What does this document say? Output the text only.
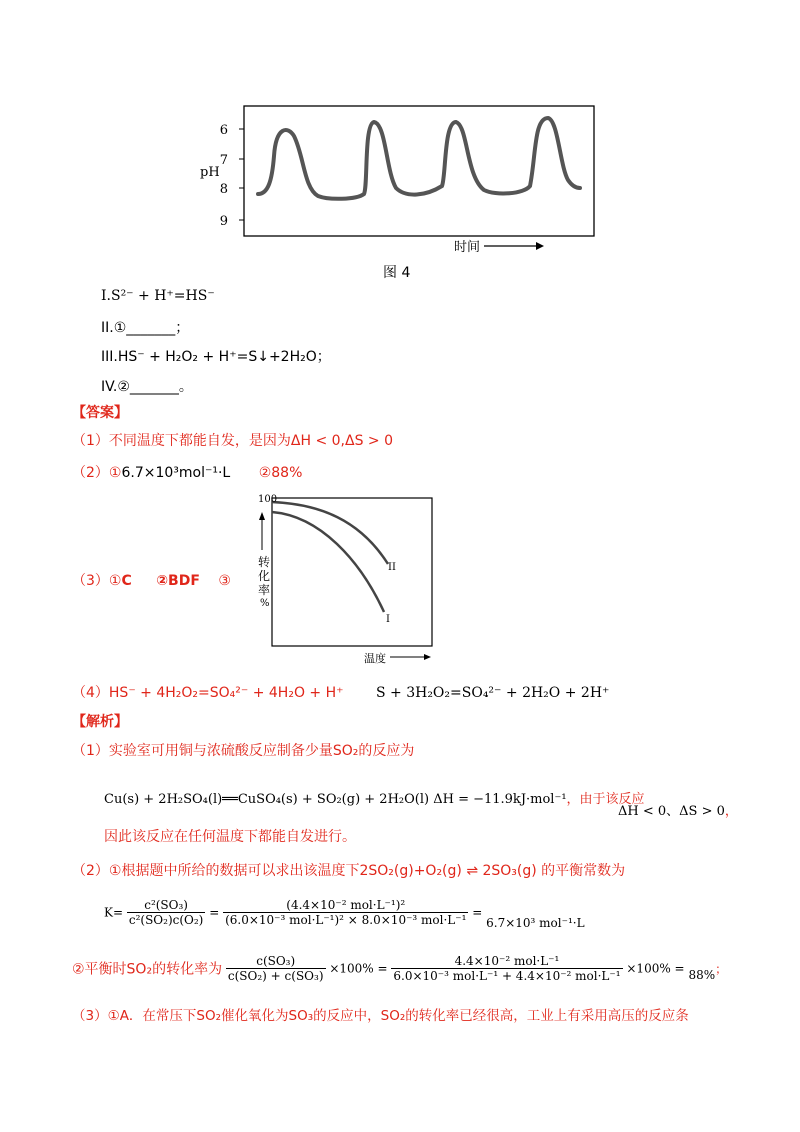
6
7
8
9
pH
时间
图 4
I.S²⁻ + H⁺=HS⁻
II.①_______；
III.HS⁻ + H₂O₂ + H⁺=S↓+2H₂O；
IV.②_______。
【答案】
（1）不同温度下都能自发，是因为ΔH < 0,ΔS > 0
（2）①6.7×10³mol⁻¹·L ②88%
100
转
化
率
%
II
I
温度
（3）①C ②BDF ③
（4）HS⁻ + 4H₂O₂=SO₄²⁻ + 4H₂O + H⁺ S + 3H₂O₂=SO₄²⁻ + 2H₂O + 2H⁺
【解析】
（1）实验室可用铜与浓硫酸反应制备少量SO₂的反应为
Cu(s) + 2H₂SO₄(l)══CuSO₄(s) + SO₂(g) + 2H₂O(l) ΔH = −11.9kJ·mol⁻¹，由于该反应
ΔH < 0、ΔS > 0，
因此该反应在任何温度下都能自发进行。
（2）①根据题中所给的数据可以求出该温度下2SO₂(g)+O₂(g) ⇌ 2SO₃(g) 的平衡常数为
$K= \frac{\text{c²(SO₃)}}{\text{c²(SO₂)c(O₂)}} = \frac{\text{(4.4×10⁻² mol·L⁻¹)²}}{\text{(6.0×10⁻³ mol·L⁻¹)² × 8.0×10⁻³ mol·L⁻¹}} = 6.7\times 10^3$ mol⁻¹·L
②平衡时SO₂的转化率为 $\frac{\text{c(SO₃)}}{\text{c(SO₂) + c(SO₃)}} \times 100\% = \frac{\text{4.4×10⁻² mol·L⁻¹}}{\text{6.0×10⁻³ mol·L⁻¹ + 4.4×10⁻² mol·L⁻¹}} \times 100\% = 88\%$；
（3）①A．在常压下SO₂催化氧化为SO₃的反应中，SO₂的转化率已经很高，工业上有采用高压的反应条
